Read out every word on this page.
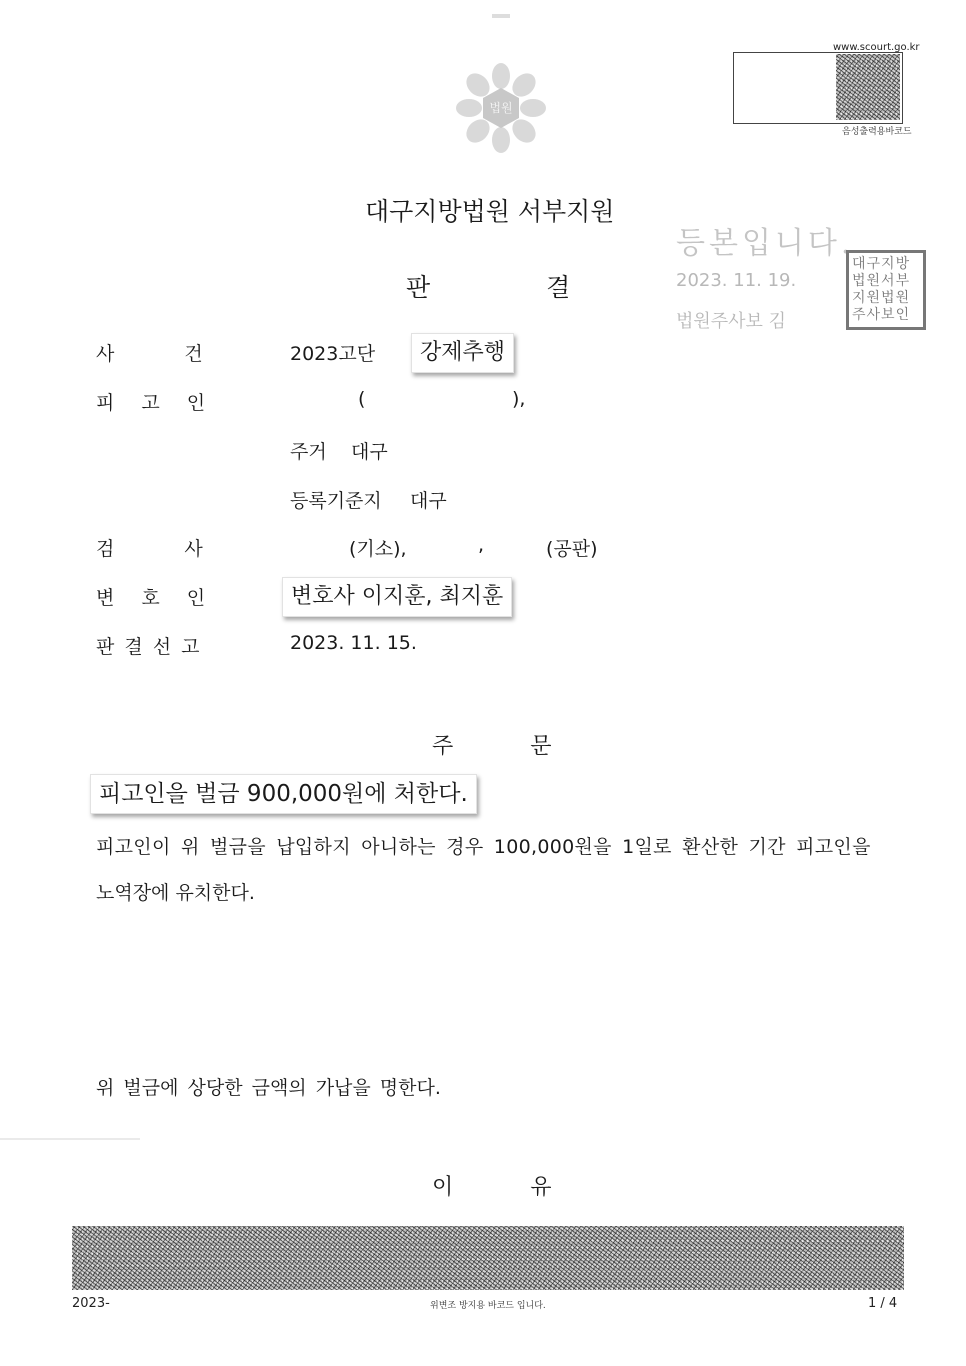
법원
www.scourt.go.kr
음성출력용바코드
대구지방법원 서부지원
판 결
등본입니다.
2023. 11. 19.
법원주사보 김
대구지방법원서부지원법원주사보인
사 건	2023고단	강제추행
피 고 인	(	),
주거 대구
등록기준지 대구
검 사	(기소),	,	(공판)
변 호 인	변호사 이지훈, 최지훈
판 결 선 고	2023. 11. 15.
주 문
피고인을 벌금 900,000원에 처한다.
피고인이 위 벌금을 납입하지 아니하는 경우 100,000원을 1일로 환산한 기간 피고인을
노역장에 유치한다.
위 벌금에 상당한 금액의 가납을 명한다.
이 유
2023-	위변조 방지용 바코드 입니다.	1 / 4
